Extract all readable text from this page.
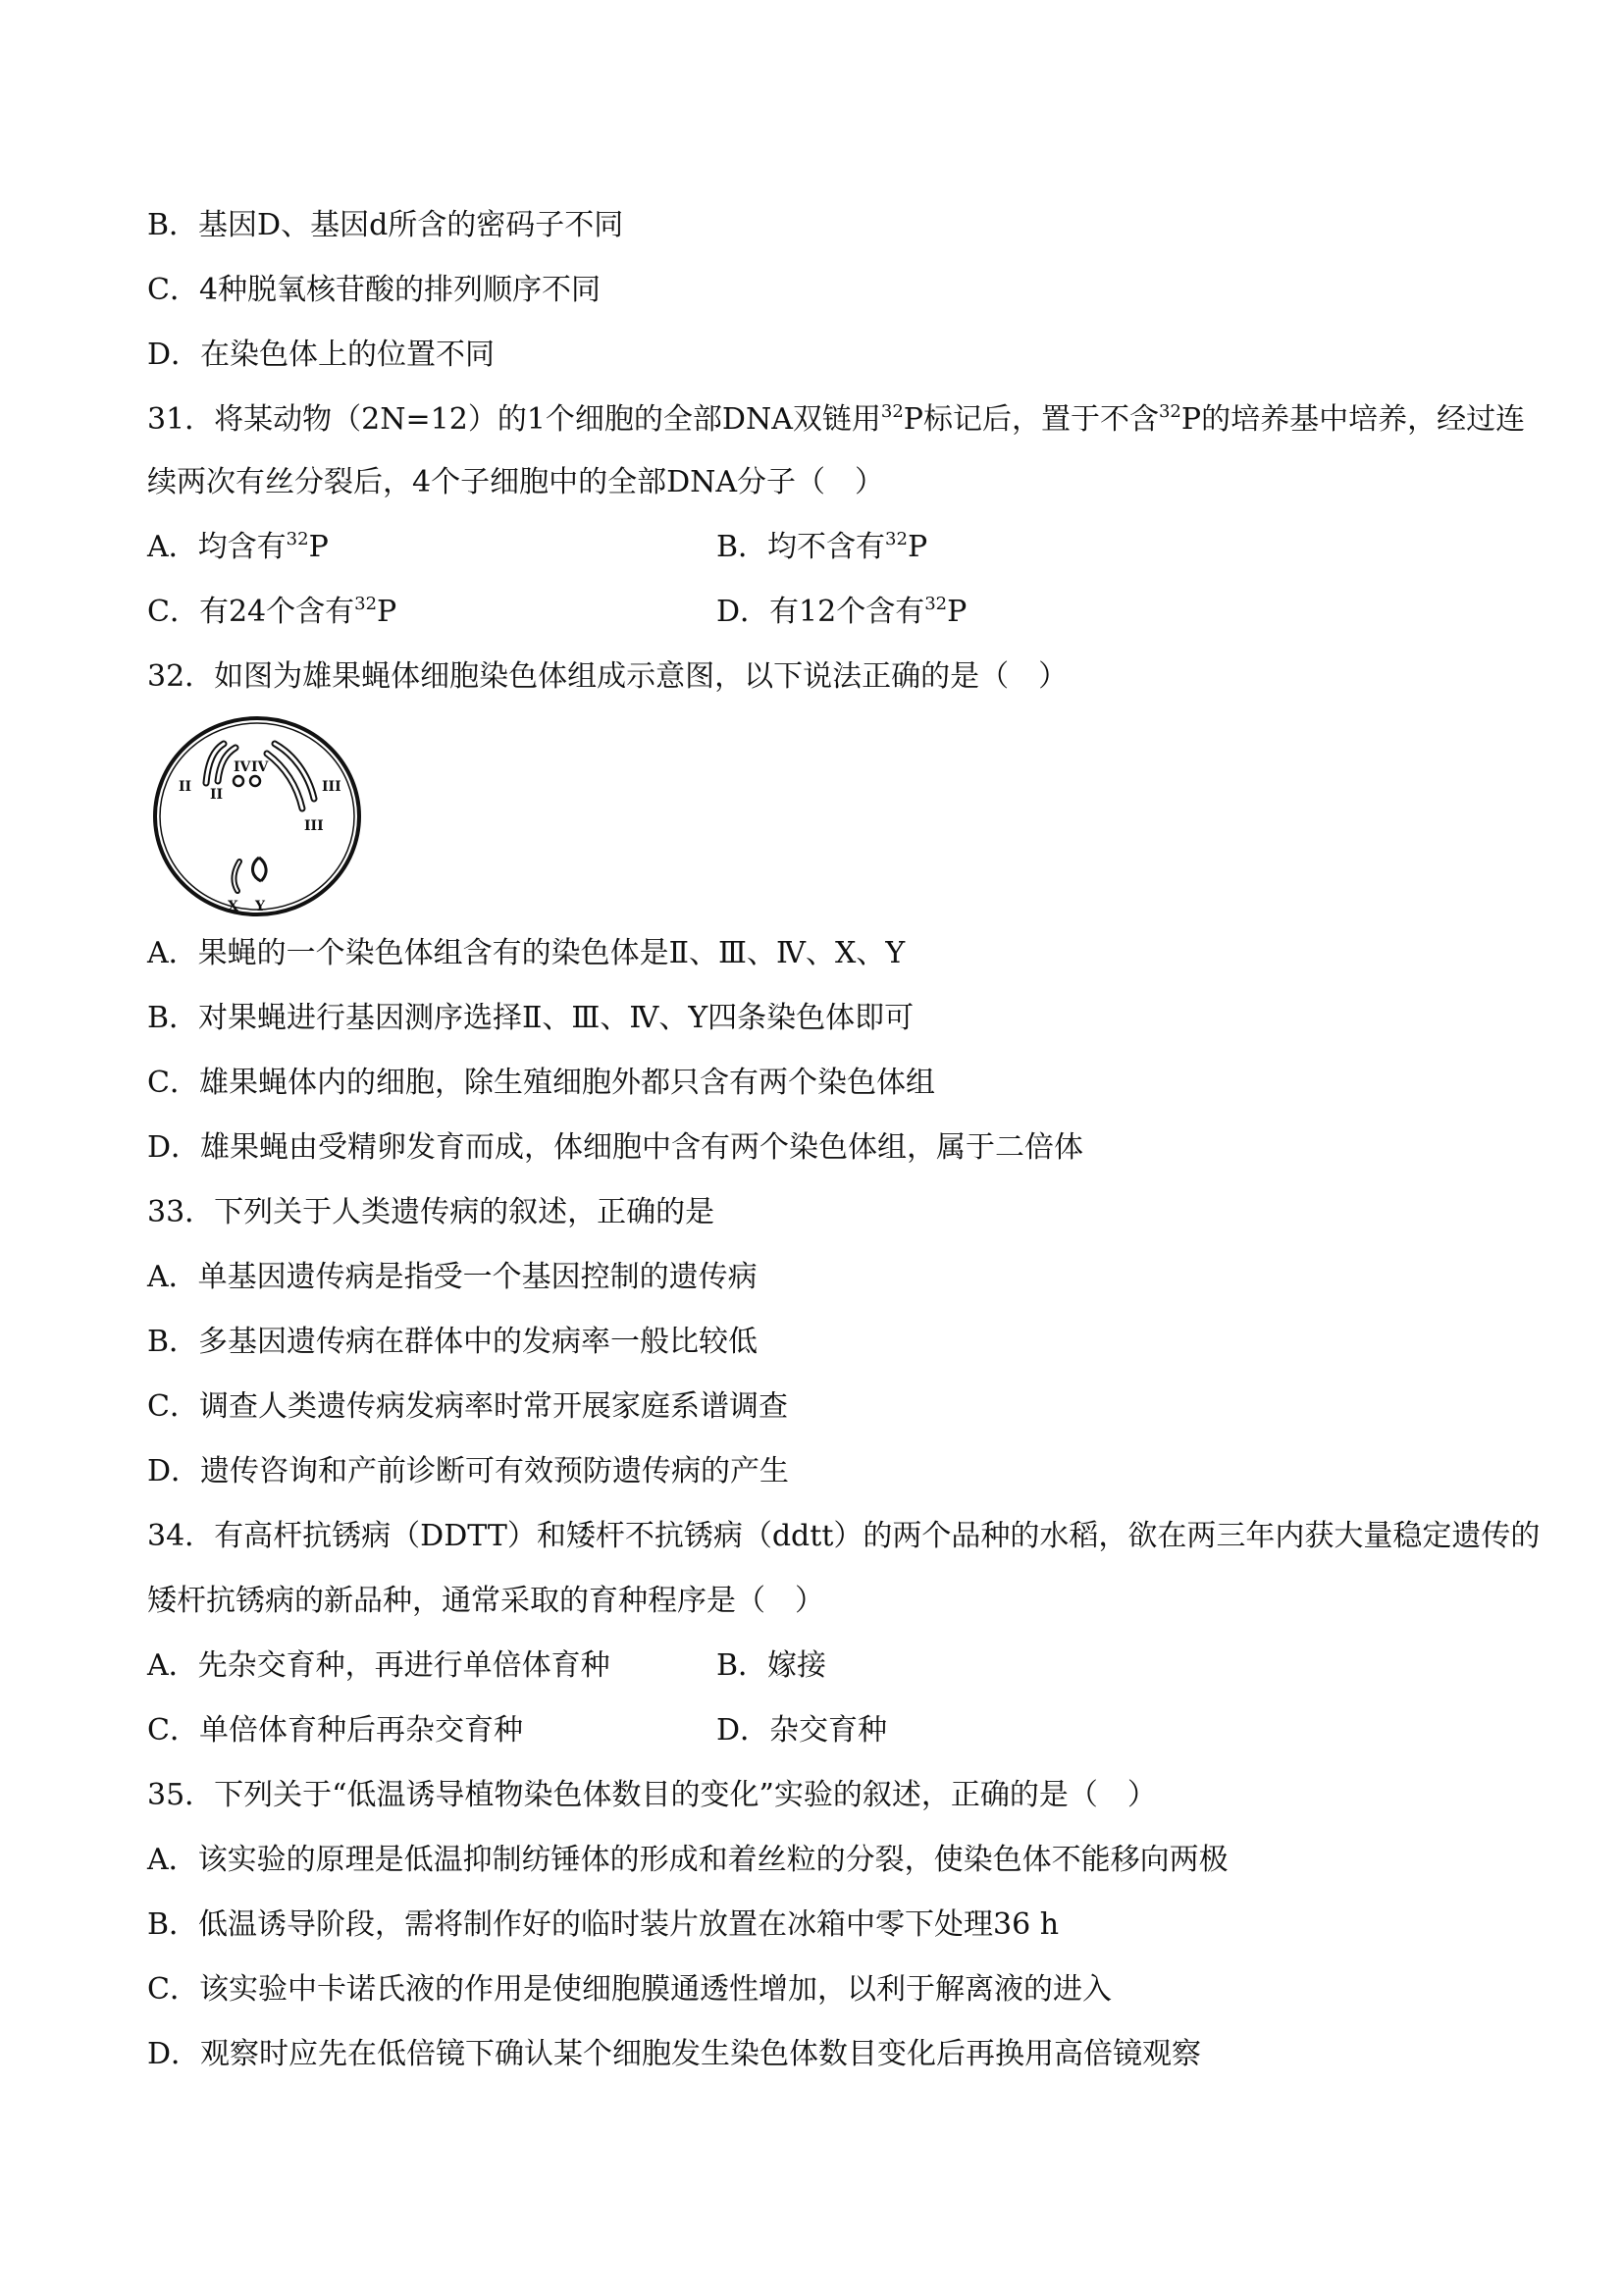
B．基因D、基因d所含的密码子不同
C．4种脱氧核苷酸的排列顺序不同
D．在染色体上的位置不同
31．将某动物（2N=12）的1个细胞的全部DNA双链用$^{32}$P标记后，置于不含$^{32}$P的培养基中培养，经过连
续两次有丝分裂后，4个子细胞中的全部DNA分子（　）
A．均含有$^{32}$P	B．均不含有$^{32}$P
C．有24个含有$^{32}$P	D．有12个含有$^{32}$P
32．如图为雄果蝇体细胞染色体组成示意图，以下说法正确的是（　）
II II
IV IV
III
III
X Y
A．果蝇的一个染色体组含有的染色体是Ⅱ、Ⅲ、Ⅳ、X、Y
B．对果蝇进行基因测序选择Ⅱ、Ⅲ、Ⅳ、Y四条染色体即可
C．雄果蝇体内的细胞，除生殖细胞外都只含有两个染色体组
D．雄果蝇由受精卵发育而成，体细胞中含有两个染色体组，属于二倍体
33．下列关于人类遗传病的叙述，正确的是
A．单基因遗传病是指受一个基因控制的遗传病
B．多基因遗传病在群体中的发病率一般比较低
C．调查人类遗传病发病率时常开展家庭系谱调查
D．遗传咨询和产前诊断可有效预防遗传病的产生
34．有高杆抗锈病（DDTT）和矮杆不抗锈病（ddtt）的两个品种的水稻，欲在两三年内获大量稳定遗传的
矮杆抗锈病的新品种，通常采取的育种程序是（　）
A．先杂交育种，再进行单倍体育种	B．嫁接
C．单倍体育种后再杂交育种	D．杂交育种
35．下列关于“低温诱导植物染色体数目的变化”实验的叙述，正确的是（　）
A．该实验的原理是低温抑制纺锤体的形成和着丝粒的分裂，使染色体不能移向两极
B．低温诱导阶段，需将制作好的临时装片放置在冰箱中零下处理36 h
C．该实验中卡诺氏液的作用是使细胞膜通透性增加，以利于解离液的进入
D．观察时应先在低倍镜下确认某个细胞发生染色体数目变化后再换用高倍镜观察
